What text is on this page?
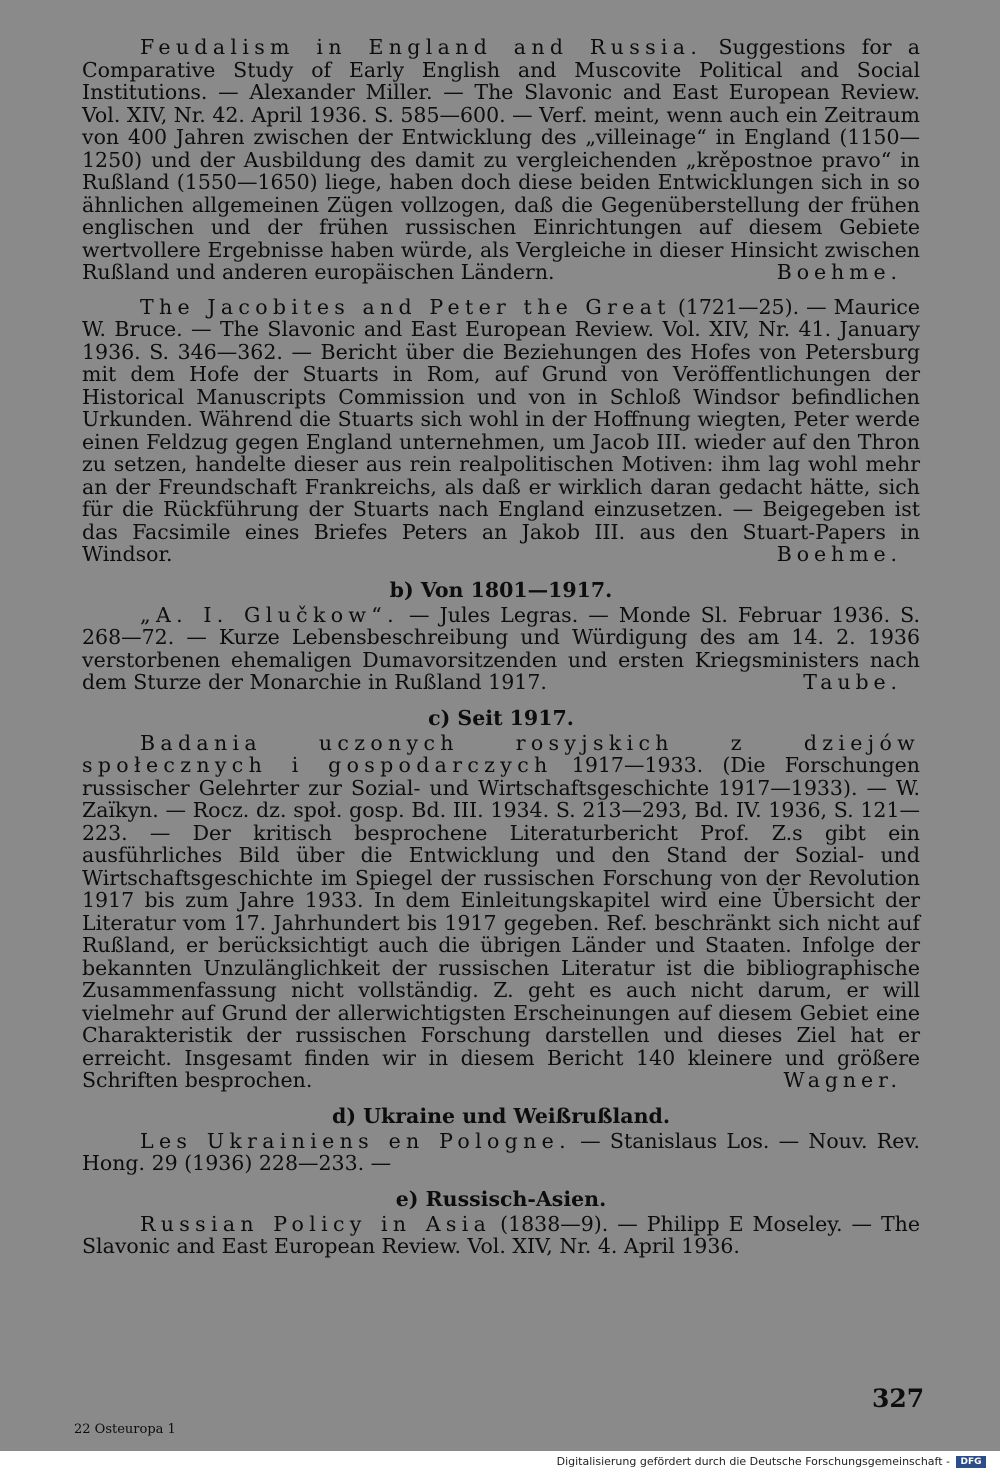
Feudalism in England and Russia. Suggestions for a Comparative Study of Early English and Muscovite Political and Social Institutions. — Alexander Miller. — The Slavonic and East European Review. Vol. XIV, Nr. 42. April 1936. S. 585—600. — Verf. meint, wenn auch ein Zeitraum von 400 Jahren zwischen der Entwicklung des „villeinage“ in England (1150—1250) und der Ausbildung des damit zu vergleichenden „krěpostnoe pravo“ in Rußland (1550—1650) liege, haben doch diese beiden Entwicklungen sich in so ähnlichen allgemeinen Zügen vollzogen, daß die Gegenüberstellung der frühen englischen und der frühen russischen Einrichtungen auf diesem Gebiete wertvollere Ergebnisse haben würde, als Vergleiche in dieser Hinsicht zwischen Rußland und anderen europäischen Ländern.	Boehme.

The Jacobites and Peter the Great (1721—25). — Maurice W. Bruce. — The Slavonic and East European Review. Vol. XIV, Nr. 41. January 1936. S. 346—362. — Bericht über die Beziehungen des Hofes von Petersburg mit dem Hofe der Stuarts in Rom, auf Grund von Veröffentlichungen der Historical Manuscripts Commission und von in Schloß Windsor befindlichen Urkunden. Während die Stuarts sich wohl in der Hoffnung wiegten, Peter werde einen Feldzug gegen England unternehmen, um Jacob III. wieder auf den Thron zu setzen, handelte dieser aus rein realpolitischen Motiven: ihm lag wohl mehr an der Freundschaft Frankreichs, als daß er wirklich daran gedacht hätte, sich für die Rückführung der Stuarts nach England einzusetzen. — Beigegeben ist das Facsimile eines Briefes Peters an Jakob III. aus den Stuart-Papers in Windsor.	Boehme.

b) Von 1801—1917.

„A. I. Glučkow“. — Jules Legras. — Monde Sl. Februar 1936. S. 268—72. — Kurze Lebensbeschreibung und Würdigung des am 14. 2. 1936 verstorbenen ehemaligen Dumavorsitzenden und ersten Kriegsministers nach dem Sturze der Monarchie in Rußland 1917.	Taube.

c) Seit 1917.

Badania uczonych rosyjskich z dziejów społecznych i gospodarczych 1917—1933. (Die Forschungen russischer Gelehrter zur Sozial- und Wirtschaftsgeschichte 1917—1933). — W. Zaïkyn. — Rocz. dz. społ. gosp. Bd. III. 1934. S. 213—293, Bd. IV. 1936, S. 121—223. — Der kritisch besprochene Literaturbericht Prof. Z.s gibt ein ausführliches Bild über die Entwicklung und den Stand der Sozial- und Wirtschaftsgeschichte im Spiegel der russischen Forschung von der Revolution 1917 bis zum Jahre 1933. In dem Einleitungskapitel wird eine Übersicht der Literatur vom 17. Jahrhundert bis 1917 gegeben. Ref. beschränkt sich nicht auf Rußland, er berücksichtigt auch die übrigen Länder und Staaten. Infolge der bekannten Unzulänglichkeit der russischen Literatur ist die bibliographische Zusammenfassung nicht vollständig. Z. geht es auch nicht darum, er will vielmehr auf Grund der allerwichtigsten Erscheinungen auf diesem Gebiet eine Charakteristik der russischen Forschung darstellen und dieses Ziel hat er erreicht. Insgesamt finden wir in diesem Bericht 140 kleinere und größere Schriften besprochen.	Wagner.

d) Ukraine und Weißrußland.

Les Ukrainiens en Pologne. — Stanislaus Los. — Nouv. Rev. Hong. 29 (1936) 228—233. —

e) Russisch-Asien.

Russian Policy in Asia (1838—9). — Philipp E Moseley. — The Slavonic and East European Review. Vol. XIV, Nr. 4. April 1936.

327
22 Osteuropa 1
Digitalisierung gefördert durch die Deutsche Forschungsgemeinschaft -	DFG
